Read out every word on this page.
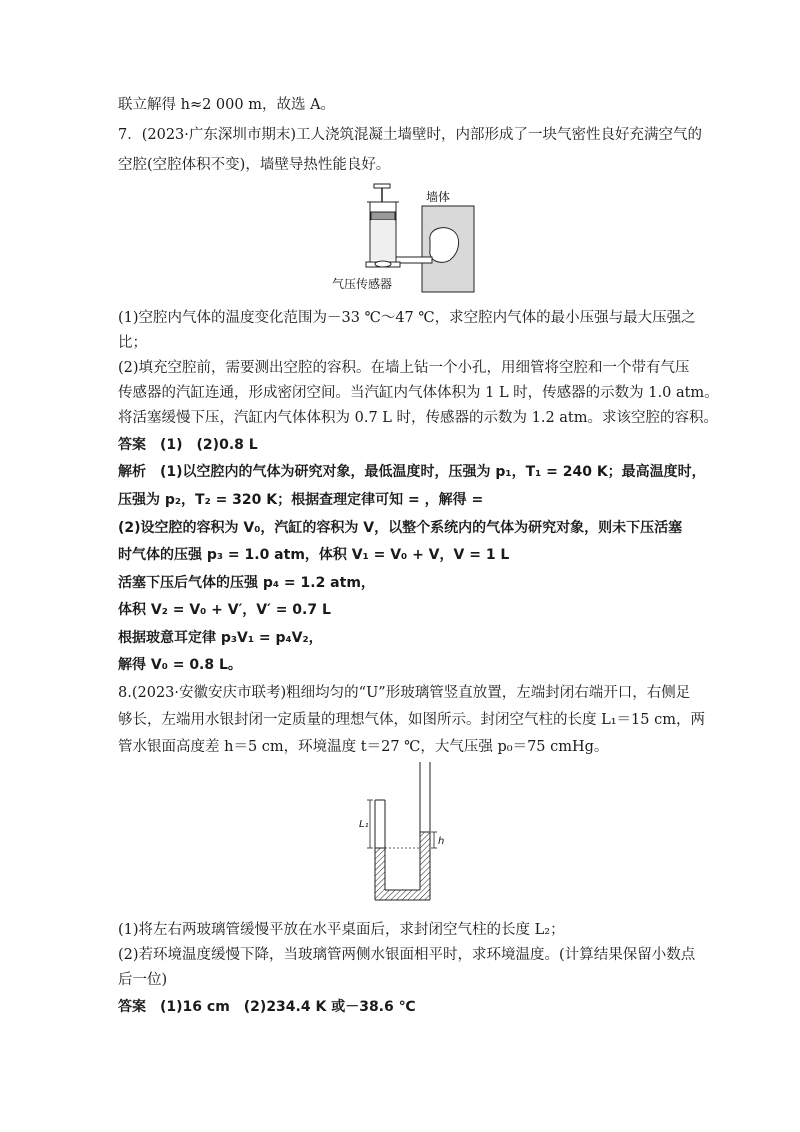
联立解得 h≈2 000 m，故选 A。
7．(2023·广东深圳市期末)工人浇筑混凝土墙壁时，内部形成了一块气密性良好充满空气的
空腔(空腔体积不变)，墙壁导热性能良好。
墙体
气压传感器
(1)空腔内气体的温度变化范围为－33 ℃～47 ℃，求空腔内气体的最小压强与最大压强之
比；
(2)填充空腔前，需要测出空腔的容积。在墙上钻一个小孔，用细管将空腔和一个带有气压
传感器的汽缸连通，形成密闭空间。当汽缸内气体体积为 1 L 时，传感器的示数为 1.0 atm。
将活塞缓慢下压，汽缸内气体体积为 0.7 L 时，传感器的示数为 1.2 atm。求该空腔的容积。
答案　(1)　(2)0.8 L
解析　(1)以空腔内的气体为研究对象，最低温度时，压强为 p₁，T₁ = 240 K；最高温度时，
压强为 p₂，T₂ = 320 K；根据查理定律可知 = ，解得 =
(2)设空腔的容积为 V₀，汽缸的容积为 V，以整个系统内的气体为研究对象，则未下压活塞
时气体的压强 p₃ = 1.0 atm，体积 V₁ = V₀ + V，V = 1 L
活塞下压后气体的压强 p₄ = 1.2 atm，
体积 V₂ = V₀ + V′，V′ = 0.7 L
根据玻意耳定律 p₃V₁ = p₄V₂，
解得 V₀ = 0.8 L。
8.(2023·安徽安庆市联考)粗细均匀的“U”形玻璃管竖直放置，左端封闭右端开口，右侧足
够长，左端用水银封闭一定质量的理想气体，如图所示。封闭空气柱的长度 L₁＝15 cm，两
管水银面高度差 h＝5 cm，环境温度 t＝27 ℃，大气压强 p₀＝75 cmHg。
L₁
h
(1)将左右两玻璃管缓慢平放在水平桌面后，求封闭空气柱的长度 L₂；
(2)若环境温度缓慢下降，当玻璃管两侧水银面相平时，求环境温度。(计算结果保留小数点
后一位)
答案　(1)16 cm　(2)234.4 K 或－38.6 ℃
